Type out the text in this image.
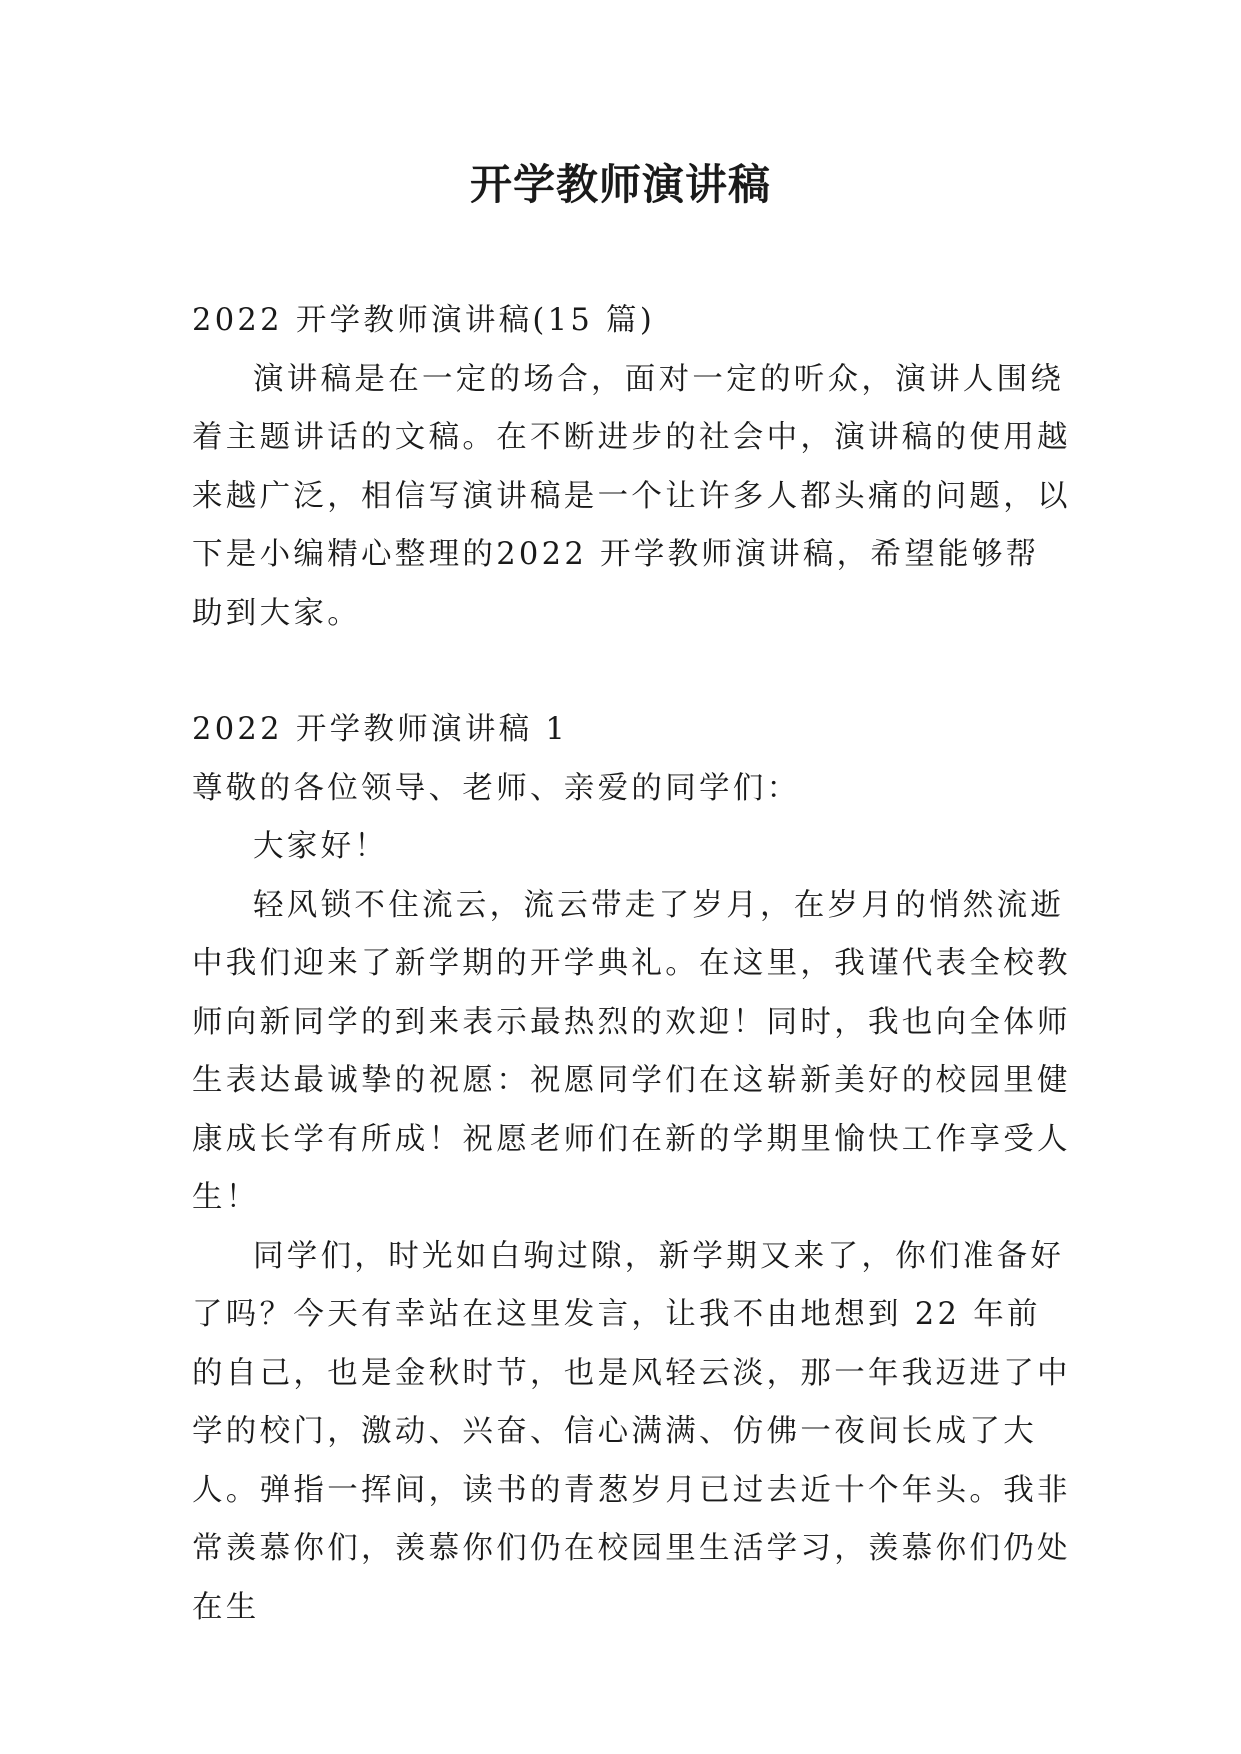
开学教师演讲稿

2022 开学教师演讲稿(15 篇)

演讲稿是在一定的场合，面对一定的听众，演讲人围绕着主题讲话的文稿。在不断进步的社会中，演讲稿的使用越来越广泛，相信写演讲稿是一个让许多人都头痛的问题，以下是小编精心整理的2022 开学教师演讲稿，希望能够帮助到大家。

2022 开学教师演讲稿 1

尊敬的各位领导、老师、亲爱的同学们：

大家好！

轻风锁不住流云，流云带走了岁月，在岁月的悄然流逝中我们迎来了新学期的开学典礼。在这里，我谨代表全校教师向新同学的到来表示最热烈的欢迎！同时，我也向全体师生表达最诚挚的祝愿：祝愿同学们在这崭新美好的校园里健康成长学有所成！祝愿老师们在新的学期里愉快工作享受人生！

同学们，时光如白驹过隙，新学期又来了，你们准备好了吗？今天有幸站在这里发言，让我不由地想到 22 年前的自己，也是金秋时节，也是风轻云淡，那一年我迈进了中学的校门，激动、兴奋、信心满满、仿佛一夜间长成了大人。弹指一挥间，读书的青葱岁月已过去近十个年头。我非常羡慕你们，羡慕你们仍在校园里生活学习，羡慕你们仍处在生
